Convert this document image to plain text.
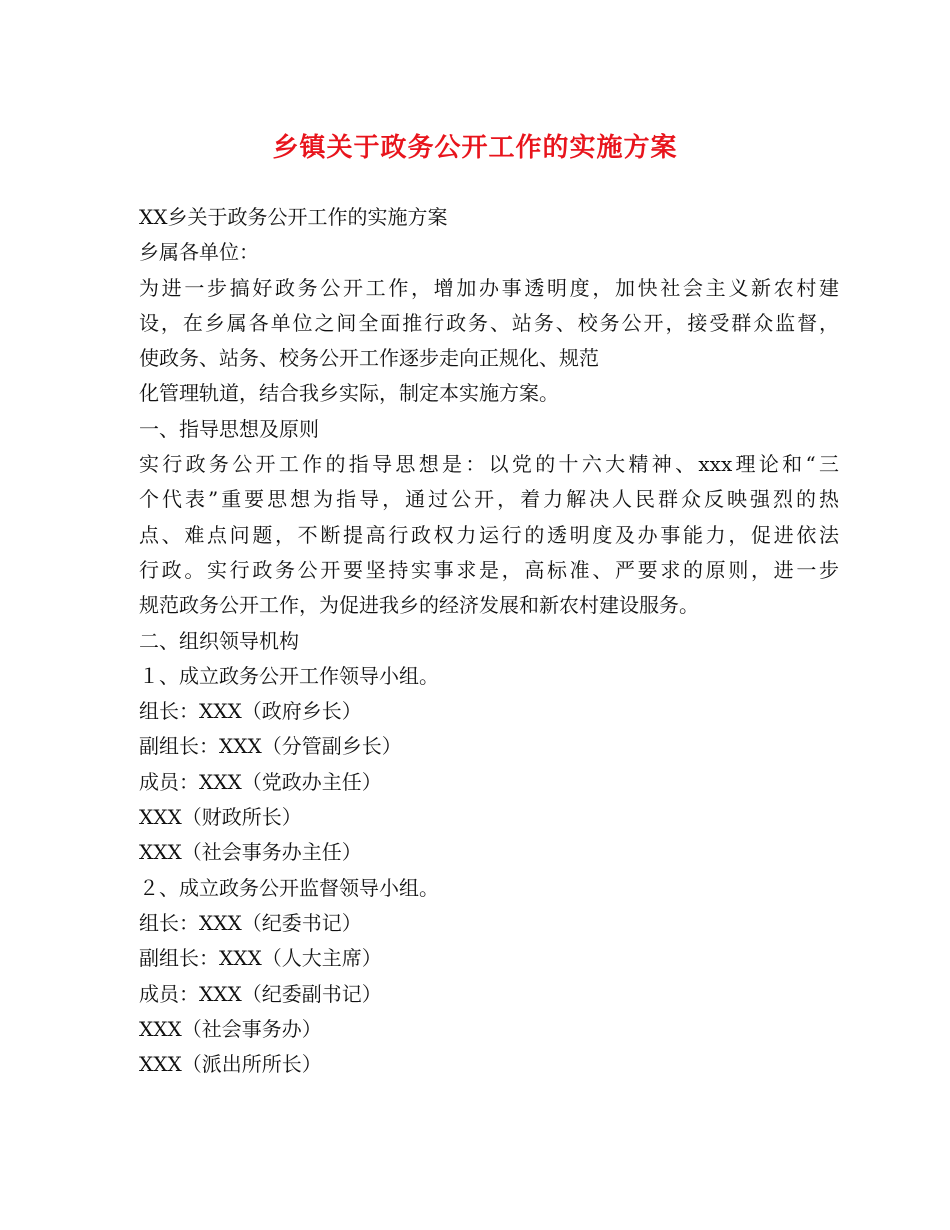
乡镇关于政务公开工作的实施方案
XX乡关于政务公开工作的实施方案
乡属各单位：
为进一步搞好政务公开工作，增加办事透明度，加快社会主义新农村建
设，在乡属各单位之间全面推行政务、站务、校务公开，接受群众监督，
使政务、站务、校务公开工作逐步走向正规化、规范
化管理轨道，结合我乡实际，制定本实施方案。
一、指导思想及原则
实行政务公开工作的指导思想是：以党的十六大精神、xxx理论和“三
个代表”重要思想为指导，通过公开，着力解决人民群众反映强烈的热
点、难点问题，不断提高行政权力运行的透明度及办事能力，促进依法
行政。实行政务公开要坚持实事求是，高标准、严要求的原则，进一步
规范政务公开工作，为促进我乡的经济发展和新农村建设服务。
二、组织领导机构
１、成立政务公开工作领导小组。
组长：XXX（政府乡长）
副组长：XXX（分管副乡长）
成员：XXX（党政办主任）
XXX（财政所长）
XXX（社会事务办主任）
２、成立政务公开监督领导小组。
组长：XXX（纪委书记）
副组长：XXX（人大主席）
成员：XXX（纪委副书记）
XXX（社会事务办）
XXX（派出所所长）
